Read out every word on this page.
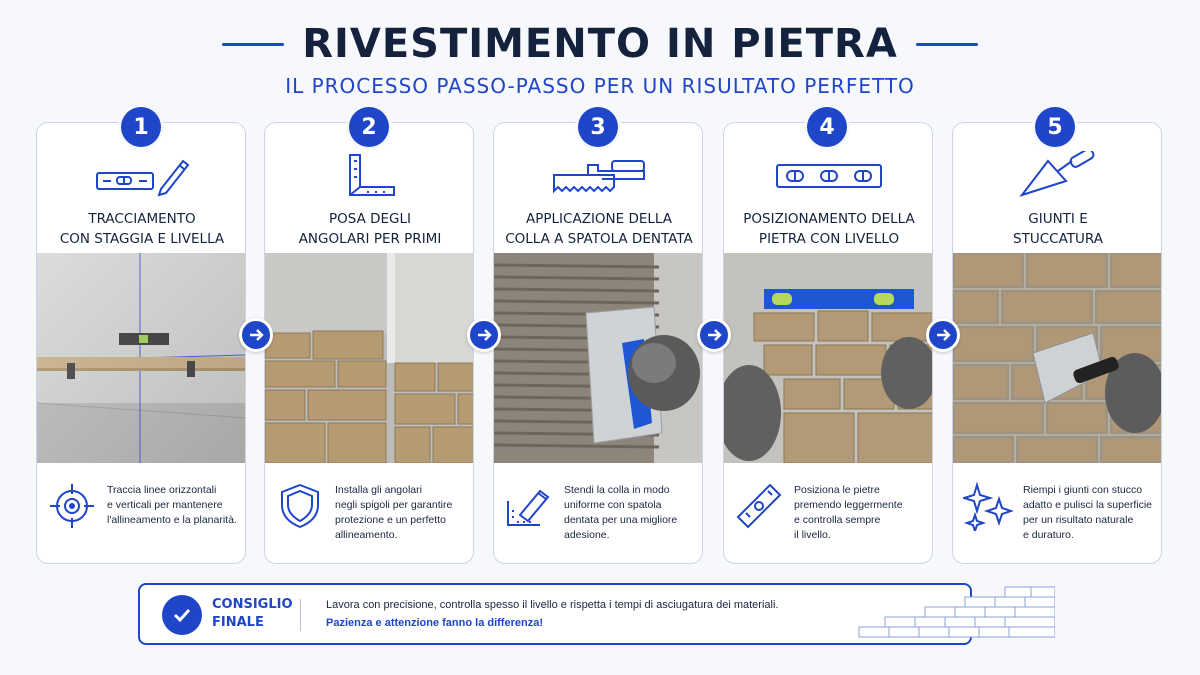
RIVESTIMENTO IN PIETRA
IL PROCESSO PASSO-PASSO PER UN RISULTATO PERFETTO
1	2	3	4	5
TRACCIAMENTO
CON STAGGIA E LIVELLA
Traccia linee orizzontali
e verticali per mantenere
l'allineamento e la planarità.
POSA DEGLI
ANGOLARI PER PRIMI
Installa gli angolari
negli spigoli per garantire
protezione e un perfetto
allineamento.
APPLICAZIONE DELLA
COLLA A SPATOLA DENTATA
Stendi la colla in modo
uniforme con spatola
dentata per una migliore
adesione.
POSIZIONAMENTO DELLA
PIETRA CON LIVELLO
Posiziona le pietre
premendo leggermente
e controlla sempre
il livello.
GIUNTI E
STUCCATURA
Riempi i giunti con stucco
adatto e pulisci la superficie
per un risultato naturale
e duraturo.
CONSIGLIO
FINALE
Lavora con precisione, controlla spesso il livello e rispetta i tempi di asciugatura dei materiali.
Pazienza e attenzione fanno la differenza!
